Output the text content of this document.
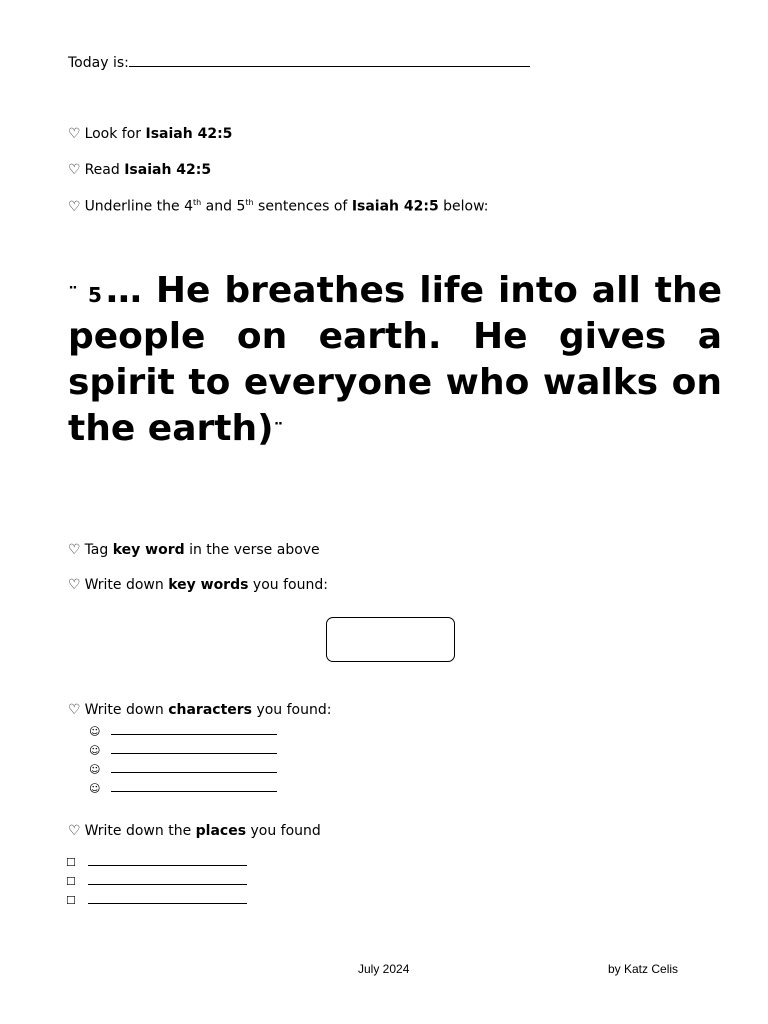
Today is:
♡ Look for Isaiah 42:5
♡ Read Isaiah 42:5
♡ Underline the 4th and 5th sentences of Isaiah 42:5 below:
¨ $^5$ … He breathes life into all the people on earth. He gives a spirit to everyone who walks on the earth)¨
♡ Tag key word in the verse above
♡ Write down key words you found:
♡ Write down characters you found:
☺
☺
☺
☺
♡ Write down the places you found
☐
☐
☐
July 2024	by Katz Celis
